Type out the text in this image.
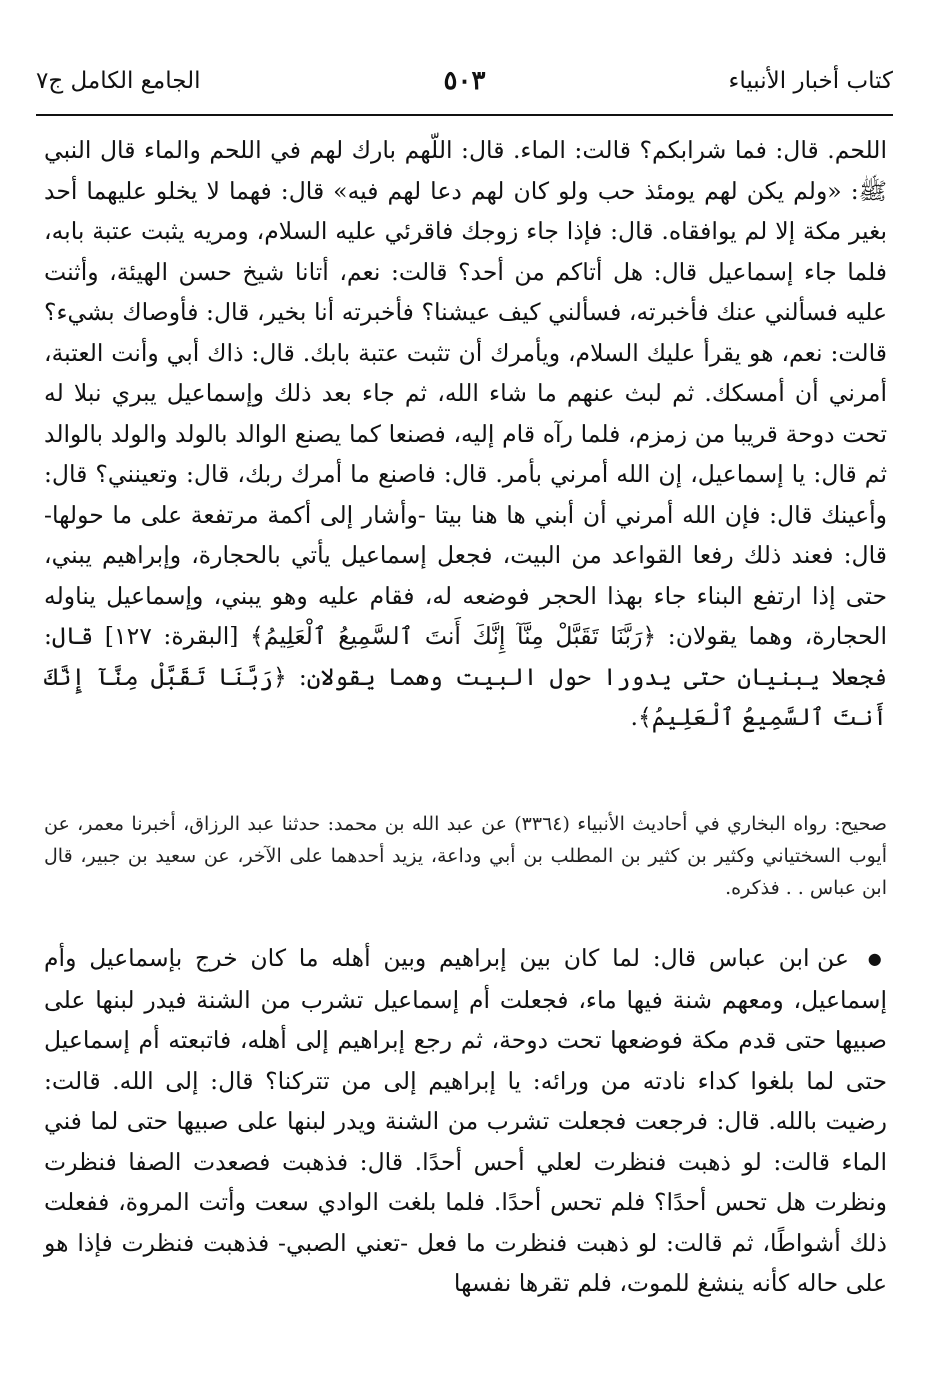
كتاب أخبار الأنبياء
٥٠٣
الجامع الكامل ج٧
اللحم. قال: فما شرابكم؟ قالت: الماء. قال: اللّهم بارك لهم في اللحم والماء قال النبي ﷺ: «ولم يكن لهم يومئذ حب ولو كان لهم دعا لهم فيه» قال: فهما لا يخلو عليهما أحد بغير مكة إلا لم يوافقاه. قال: فإذا جاء زوجك فاقرئي عليه السلام، ومريه يثبت عتبة بابه، فلما جاء إسماعيل قال: هل أتاكم من أحد؟ قالت: نعم، أتانا شيخ حسن الهيئة، وأثنت عليه فسألني عنك فأخبرته، فسألني كيف عيشنا؟ فأخبرته أنا بخير، قال: فأوصاك بشيء؟ قالت: نعم، هو يقرأ عليك السلام، ويأمرك أن تثبت عتبة بابك. قال: ذاك أبي وأنت العتبة، أمرني أن أمسكك. ثم لبث عنهم ما شاء الله، ثم جاء بعد ذلك وإسماعيل يبري نبلا له تحت دوحة قريبا من زمزم، فلما رآه قام إليه، فصنعا كما يصنع الوالد بالولد والولد بالوالد ثم قال: يا إسماعيل، إن الله أمرني بأمر. قال: فاصنع ما أمرك ربك، قال: وتعينني؟ قال: وأعينك قال: فإن الله أمرني أن أبني ها هنا بيتا -وأشار إلى أكمة مرتفعة على ما حولها- قال: فعند ذلك رفعا القواعد من البيت، فجعل إسماعيل يأتي بالحجارة، وإبراهيم يبني، حتى إذا ارتفع البناء جاء بهذا الحجر فوضعه له، فقام عليه وهو يبني، وإسماعيل يناوله الحجارة، وهما يقولان: ﴿رَبَّنَا تَقَبَّلْ مِنَّآ إِنَّكَ أَنتَ ٱلسَّمِيعُ ٱلْعَلِيمُ﴾ [البقرة: ١٢٧] قال: فجعلا يبنيان حتى يدورا حول البيت وهما يقولان: ﴿رَبَّنَا تَقَبَّلْ مِنَّآ إِنَّكَ أَنتَ ٱلسَّمِيعُ ٱلْعَلِيمُ﴾.
صحيح: رواه البخاري في أحاديث الأنبياء (٣٣٦٤) عن عبد الله بن محمد: حدثنا عبد الرزاق، أخبرنا معمر، عن أيوب السختياني وكثير بن كثير بن المطلب بن أبي وداعة، يزيد أحدهما على الآخر، عن سعيد بن جبير، قال ابن عباس . . فذكره.
● عن ابن عباس قال: لما كان بين إبراهيم وبين أهله ما كان خرج بإسماعيل وأم إسماعيل، ومعهم شنة فيها ماء، فجعلت أم إسماعيل تشرب من الشنة فيدر لبنها على صبيها حتى قدم مكة فوضعها تحت دوحة، ثم رجع إبراهيم إلى أهله، فاتبعته أم إسماعيل حتى لما بلغوا كداء نادته من ورائه: يا إبراهيم إلى من تتركنا؟ قال: إلى الله. قالت: رضيت بالله. قال: فرجعت فجعلت تشرب من الشنة ويدر لبنها على صبيها حتى لما فني الماء قالت: لو ذهبت فنظرت لعلي أحس أحدًا. قال: فذهبت فصعدت الصفا فنظرت ونظرت هل تحس أحدًا؟ فلم تحس أحدًا. فلما بلغت الوادي سعت وأتت المروة، ففعلت ذلك أشواطًا، ثم قالت: لو ذهبت فنظرت ما فعل -تعني الصبي- فذهبت فنظرت فإذا هو على حاله كأنه ينشغ للموت، فلم تقرها نفسها
